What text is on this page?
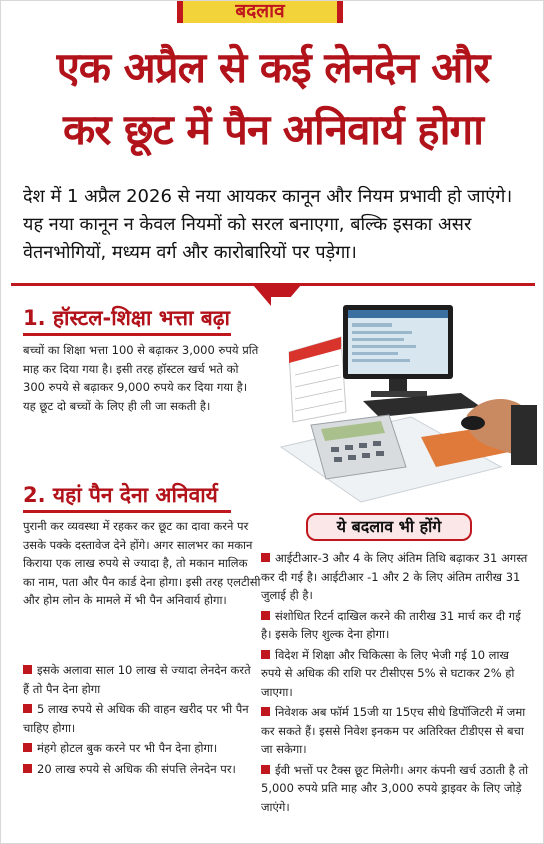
बदलाव
एक अप्रैल से कई लेनदेन और
कर छूट में पैन अनिवार्य होगा
देश में 1 अप्रैल 2026 से नया आयकर कानून और नियम प्रभावी हो जाएंगे। यह नया कानून न केवल नियमों को सरल बनाएगा, बल्कि इसका असर वेतनभोगियों, मध्यम वर्ग और कारोबारियों पर पड़ेगा।
1. हॉस्टल-शिक्षा भत्ता बढ़ा
बच्चों का शिक्षा भत्ता 100 से बढ़ाकर 3,000 रुपये प्रति माह कर दिया गया है। इसी तरह हॉस्टल खर्च भते को 300 रुपये से बढ़ाकर 9,000 रुपये कर दिया गया है। यह छूट दो बच्चों के लिए ही ली जा सकती है।
2. यहां पैन देना अनिवार्य
पुरानी कर व्यवस्था में रहकर कर छूट का दावा करने पर उसके पक्के दस्तावेज देने होंगे। अगर सालभर का मकान किराया एक लाख रुपये से ज्यादा है, तो मकान मालिक का नाम, पता और पैन कार्ड देना होगा। इसी तरह एलटीसी और होम लोन के मामले में भी पैन अनिवार्य होगा।
इसके अलावा साल 10 लाख से ज्यादा लेनदेन करते हैं तो पैन देना होगा
5 लाख रुपये से अधिक की वाहन खरीद पर भी पैन चाहिए होगा।
मंहगे होटल बुक करने पर भी पैन देना होगा।
20 लाख रुपये से अधिक की संपत्ति लेनदेन पर।
ये बदलाव भी होंगे
आईटीआर-3 और 4 के लिए अंतिम तिथि बढ़ाकर 31 अगस्त कर दी गई है। आईटीआर -1 और 2 के लिए अंतिम तारीख 31 जुलाई ही है।
संशोधित रिटर्न दाखिल करने की तारीख 31 मार्च कर दी गई है। इसके लिए शुल्क देना होगा।
विदेश में शिक्षा और चिकित्सा के लिए भेजी गई 10 लाख रुपये से अधिक की राशि पर टीसीएस 5% से घटाकर 2% हो जाएगा।
निवेशक अब फॉर्म 15जी या 15एच सीधे डिपॉजिटरी में जमा कर सकते हैं। इससे निवेश इनकम पर अतिरिक्त टीडीएस से बचा जा सकेगा।
ईवी भत्तों पर टैक्स छूट मिलेगी। अगर कंपनी खर्च उठाती है तो 5,000 रुपये प्रति माह और 3,000 रुपये ड्राइवर के लिए जोड़े जाएंगे।
